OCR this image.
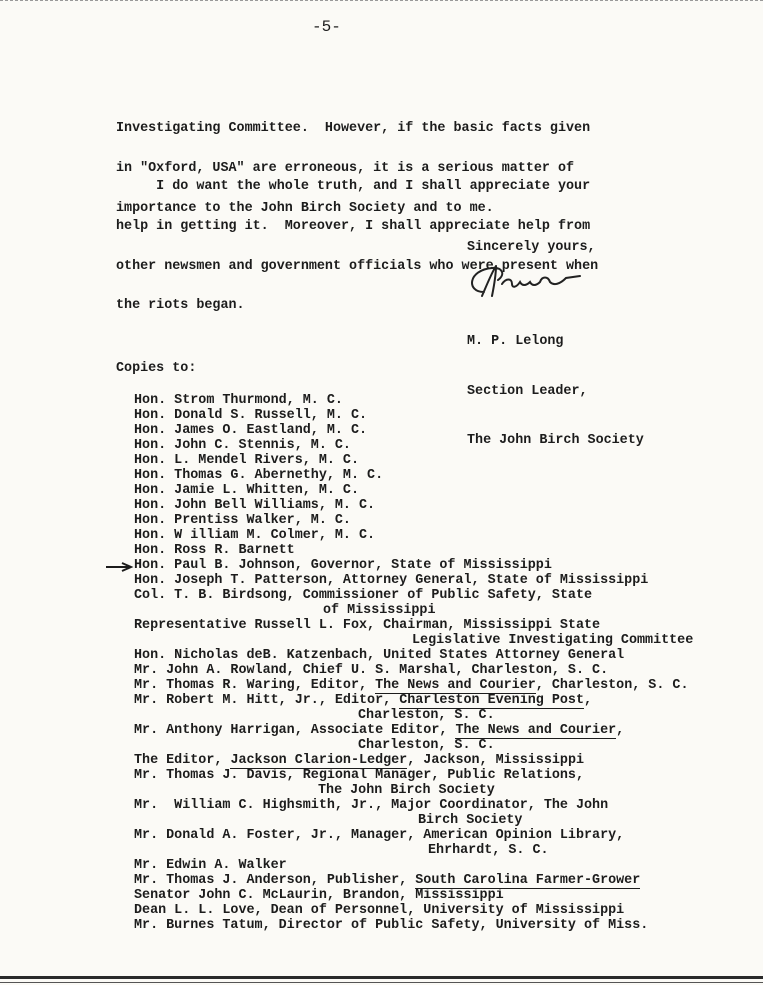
-5-

Investigating Committee.  However, if the basic facts given

in "Oxford, USA" are erroneous, it is a serious matter of

importance to the John Birch Society and to me.

I do want the whole truth, and I shall appreciate your

help in getting it.  Moreover, I shall appreciate help from

other newsmen and government officials who were present when

the riots began.

Sincerely yours,

M. P. Lelong

Section Leader,

The John Birch Society

Copies to:
Hon. Strom Thurmond, M. C.
Hon. Donald S. Russell, M. C.
Hon. James O. Eastland, M. C.
Hon. John C. Stennis, M. C.
Hon. L. Mendel Rivers, M. C.
Hon. Thomas G. Abernethy, M. C.
Hon. Jamie L. Whitten, M. C.
Hon. John Bell Williams, M. C.
Hon. Prentiss Walker, M. C.
Hon. W illiam M. Colmer, M. C.
Hon. Ross R. Barnett
Hon. Paul B. Johnson, Governor, State of Mississippi
Hon. Joseph T. Patterson, Attorney General, State of Mississippi
Col. T. B. Birdsong, Commissioner of Public Safety, State
of Mississippi
Representative Russell L. Fox, Chairman, Mississippi State
Legislative Investigating Committee
Hon. Nicholas deB. Katzenbach, United States Attorney General
Mr. John A. Rowland, Chief U. S. Marshal, Charleston, S. C.
Mr. Thomas R. Waring, Editor, The News and Courier, Charleston, S. C.
Mr. Robert M. Hitt, Jr., Editor, Charleston Evening Post,
Charleston, S. C.
Mr. Anthony Harrigan, Associate Editor, The News and Courier,
Charleston, S. C.
The Editor, Jackson Clarion-Ledger, Jackson, Mississippi
Mr. Thomas J. Davis, Regional Manager, Public Relations,
The John Birch Society
Mr.  William C. Highsmith, Jr., Major Coordinator, The John
Birch Society
Mr. Donald A. Foster, Jr., Manager, American Opinion Library,
Ehrhardt, S. C.
Mr. Edwin A. Walker
Mr. Thomas J. Anderson, Publisher, South Carolina Farmer-Grower
Senator John C. McLaurin, Brandon, Mississippi
Dean L. L. Love, Dean of Personnel, University of Mississippi
Mr. Burnes Tatum, Director of Public Safety, University of Miss.
